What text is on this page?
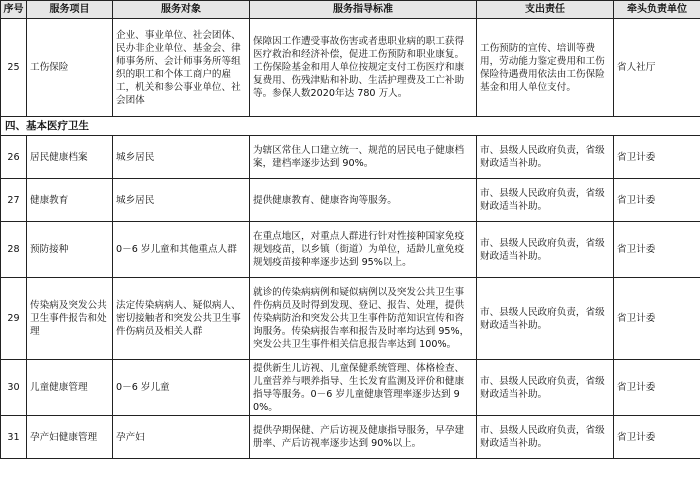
序号	服务项目	服务对象	服务指导标准	支出责任	牵头负责单位
25	工伤保险	企业、事业单位、社会团体、民办非企业单位、基金会、律师事务所、会计师事务所等组织的职工和个体工商户的雇工，机关和参公事业单位、社会团体	保障因工作遭受事故伤害或者患职业病的职工获得医疗救治和经济补偿，促进工伤预防和职业康复。工伤保险基金和用人单位按规定支付工伤医疗和康复费用、伤残津贴和补助、生活护理费及工亡补助等。参保人数2020年达 780 万人。	工伤预防的宣传、培训等费用，劳动能力鉴定费用和工伤保险待遇费用依法由工伤保险基金和用人单位支付。	省人社厅
四、基本医疗卫生					
26	居民健康档案	城乡居民	为辖区常住人口建立统一、规范的居民电子健康档案，建档率逐步达到 90%。	市、县级人民政府负责，省级财政适当补助。	省卫计委
27	健康教育	城乡居民	提供健康教育、健康咨询等服务。	市、县级人民政府负责，省级财政适当补助。	省卫计委
28	预防接种	0－6 岁儿童和其他重点人群	在重点地区，对重点人群进行针对性接种国家免疫规划疫苗，以乡镇（街道）为单位，适龄儿童免疫规划疫苗接种率逐步达到 95%以上。	市、县级人民政府负责，省级财政适当补助。	省卫计委
29	传染病及突发公共卫生事件报告和处理	法定传染病病人、疑似病人、密切接触者和突发公共卫生事件伤病员及相关人群	就诊的传染病病例和疑似病例以及突发公共卫生事件伤病员及时得到发现、登记、报告、处理，提供传染病防治和突发公共卫生事件防范知识宣传和咨询服务。传染病报告率和报告及时率均达到 95%，突发公共卫生事件相关信息报告率达到 100%。	市、县级人民政府负责，省级财政适当补助。	省卫计委
30	儿童健康管理	0－6 岁儿童	提供新生儿访视、儿童保健系统管理、体格检查、儿童营养与喂养指导、生长发育监测及评价和健康指导等服务。0－6 岁儿童健康管理率逐步达到 90%。	市、县级人民政府负责，省级财政适当补助。	省卫计委
31	孕产妇健康管理	孕产妇	提供孕期保健、产后访视及健康指导服务，早孕建册率、产后访视率逐步达到 90%以上。	市、县级人民政府负责，省级财政适当补助。	省卫计委
